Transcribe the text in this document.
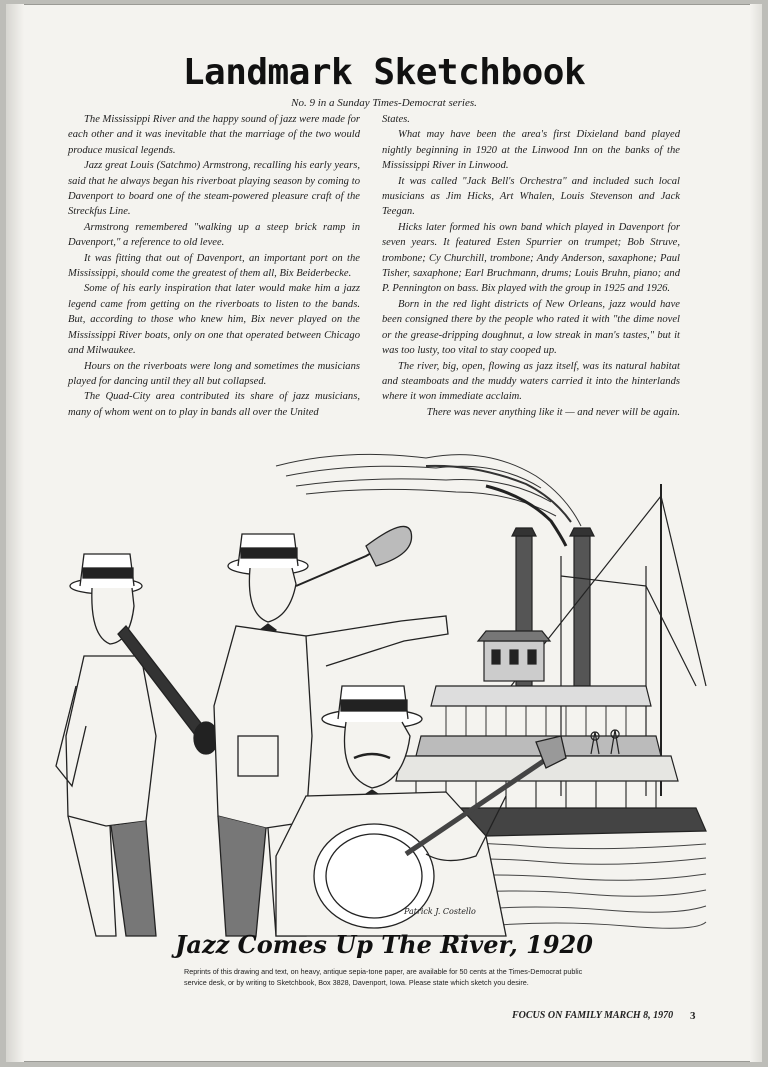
Landmark Sketchbook
No. 9 in a Sunday Times-Democrat series.

The Mississippi River and the happy sound of jazz were made for each other and it was inevitable that the marriage of the two would produce musical legends.

Jazz great Louis (Satchmo) Armstrong, recalling his early years, said that he always began his riverboat playing season by coming to Davenport to board one of the steam-powered pleasure craft of the Streckfus Line.

Armstrong remembered "walking up a steep brick ramp in Davenport," a reference to old levee.

It was fitting that out of Davenport, an important port on the Mississippi, should come the greatest of them all, Bix Beiderbecke.

Some of his early inspiration that later would make him a jazz legend came from getting on the riverboats to listen to the bands. But, according to those who knew him, Bix never played on the Mississippi River boats, only on one that operated between Chicago and Milwaukee.

Hours on the riverboats were long and sometimes the musicians played for dancing until they all but collapsed.

The Quad-City area contributed its share of jazz musicians, many of whom went on to play in bands all over the United

States.

What may have been the area's first Dixieland band played nightly beginning in 1920 at the Linwood Inn on the banks of the Mississippi River in Linwood.

It was called "Jack Bell's Orchestra" and included such local musicians as Jim Hicks, Art Whalen, Louis Stevenson and Jack Teegan.

Hicks later formed his own band which played in Davenport for seven years. It featured Esten Spurrier on trumpet; Bob Struve, trombone; Cy Churchill, trombone; Andy Anderson, saxaphone; Paul Tisher, saxaphone; Earl Bruchmann, drums; Louis Bruhn, piano; and P. Pennington on bass. Bix played with the group in 1925 and 1926.

Born in the red light districts of New Orleans, jazz would have been consigned there by the people who rated it with "the dime novel or the grease-dripping doughnut, a low streak in man's tastes," but it was too lusty, too vital to stay cooped up.

The river, big, open, flowing as jazz itself, was its natural habitat and steamboats and the muddy waters carried it into the hinterlands where it won immediate acclaim.

There was never anything like it — and never will be again.

Patrick J. Costello
Jazz Comes Up The River, 1920
Reprints of this drawing and text, on heavy, antique sepia-tone paper, are available for 50 cents at the Times-Democrat public service desk, or by writing to Sketchbook, Box 3828, Davenport, Iowa. Please state which sketch you desire.
FOCUS ON FAMILY MARCH 8, 1970 3
